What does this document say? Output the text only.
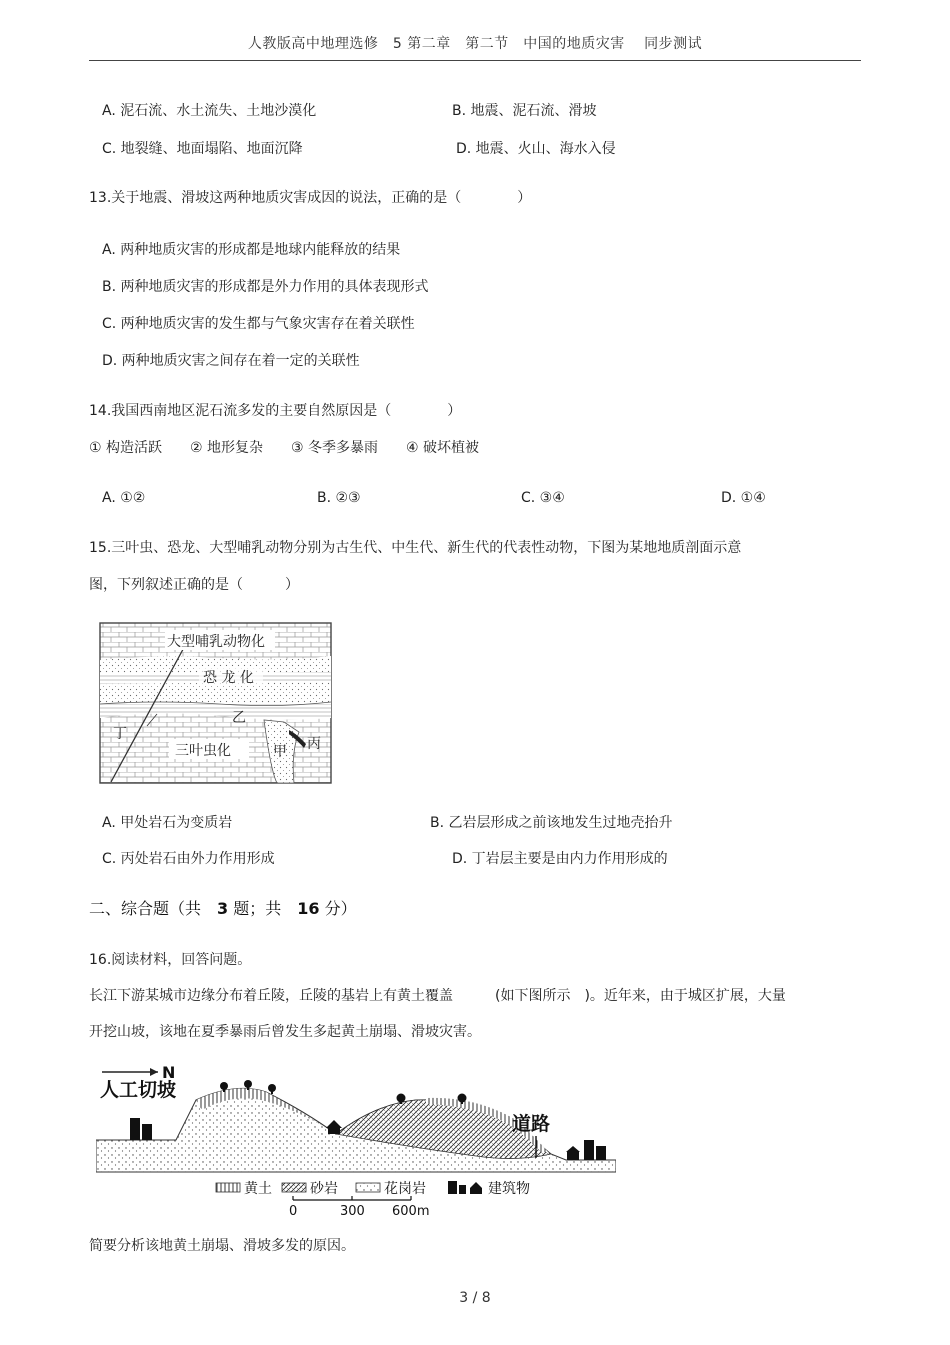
人教版高中地理选修　5 第二章　第二节　中国的地质灾害　 同步测试
A. 泥石流、水土流失、土地沙漠化	B. 地震、泥石流、滑坡
C. 地裂缝、地面塌陷、地面沉降	D. 地震、火山、海水入侵
13.关于地震、滑坡这两种地质灾害成因的说法，正确的是（　　　　）
A. 两种地质灾害的形成都是地球内能释放的结果
B. 两种地质灾害的形成都是外力作用的具体表现形式
C. 两种地质灾害的发生都与气象灾害存在着关联性
D. 两种地质灾害之间存在着一定的关联性
14.我国西南地区泥石流多发的主要自然原因是（　　　　）
① 构造活跃　　② 地形复杂　　③ 冬季多暴雨　　④ 破坏植被
A. ①②	B. ②③	C. ③④	D. ①④
15.三叶虫、恐龙、大型哺乳动物分别为古生代、中生代、新生代的代表性动物，下图为某地地质剖面示意
图，下列叙述正确的是（　　　）
大型哺乳动物化
恐 龙 化
乙
丁
三叶虫化	甲 丙
A. 甲处岩石为变质岩	B. 乙岩层形成之前该地发生过地壳抬升
C. 丙处岩石由外力作用形成	D. 丁岩层主要是由内力作用形成的
二、综合题（共　3 题；共　16 分）
16.阅读材料，回答问题。
长江下游某城市边缘分布着丘陵，丘陵的基岩上有黄土覆盖　　　(如下图所示　)。近年来，由于城区扩展，大量
开挖山坡，该地在夏季暴雨后曾发生多起黄土崩塌、滑坡灾害。
N
人工切坡
道路
黄土	砂岩	花岗岩	建筑物
0	300 600m
简要分析该地黄土崩塌、滑坡多发的原因。
3 / 8
